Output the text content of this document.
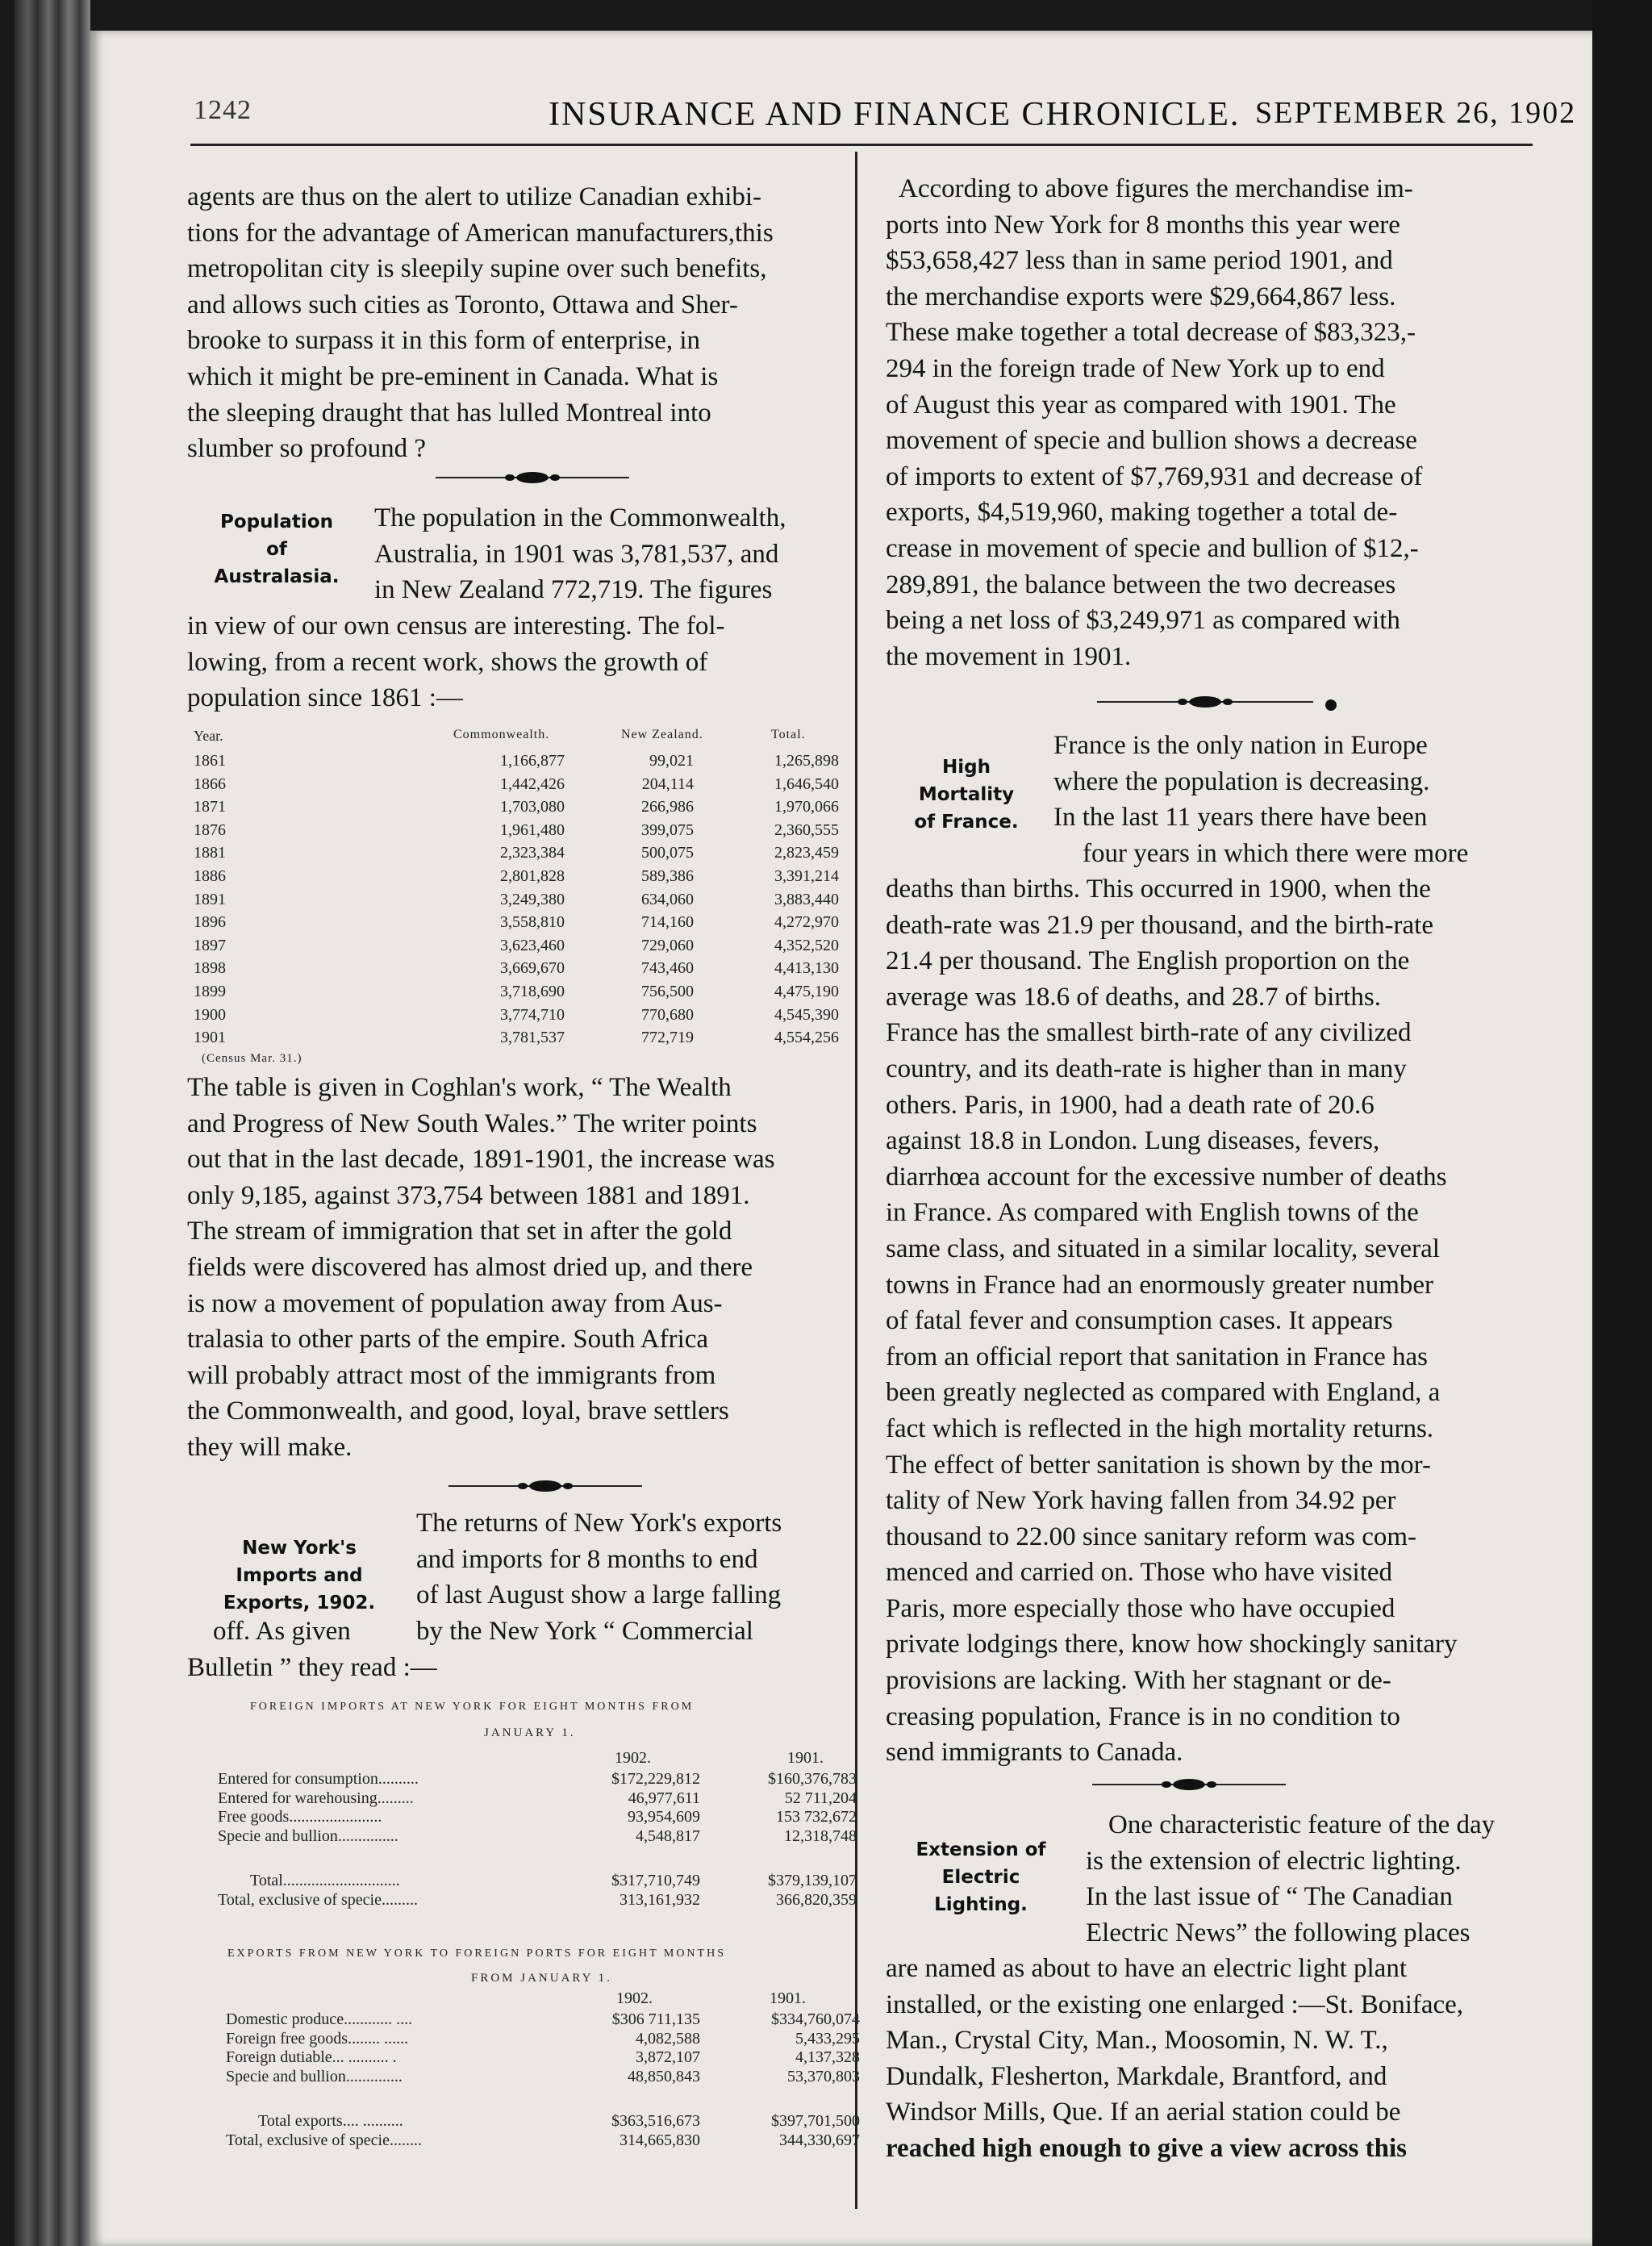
1242	INSURANCE AND FINANCE CHRONICLE. SEPTEMBER 26, 1902

agents are thus on the alert to utilize Canadian exhibi-

tions for the advantage of American manufacturers,this

metropolitan city is sleepily supine over such benefits,

and allows such cities as Toronto, Ottawa and Sher-

brooke to surpass it in this form of enterprise, in

which it might be pre-eminent in Canada. What is

the sleeping draught that has lulled Montreal into

slumber so profound ?

Population
of
Australasia.

The population in the Commonwealth,

Australia, in 1901 was 3,781,537, and

in New Zealand 772,719. The figures

in view of our own census are interesting. The fol-

lowing, from a recent work, shows the growth of

population since 1861 :—

Year.	Commonwealth.	New Zealand.	Total.
1861	1,166,877	99,021	1,265,898
1866	1,442,426	204,114	1,646,540
1871	1,703,080	266,986	1,970,066
1876	1,961,480	399,075	2,360,555
1881	2,323,384	500,075	2,823,459
1886	2,801,828	589,386	3,391,214
1891	3,249,380	634,060	3,883,440
1896	3,558,810	714,160	4,272,970
1897	3,623,460	729,060	4,352,520
1898	3,669,670	743,460	4,413,130
1899	3,718,690	756,500	4,475,190
1900	3,774,710	770,680	4,545,390
1901	3,781,537	772,719	4,554,256
(Census Mar. 31.)

The table is given in Coghlan's work, “ The Wealth

and Progress of New South Wales.” The writer points

out that in the last decade, 1891-1901, the increase was

only 9,185, against 373,754 between 1881 and 1891.

The stream of immigration that set in after the gold

fields were discovered has almost dried up, and there

is now a movement of population away from Aus-

tralasia to other parts of the empire. South Africa

will probably attract most of the immigrants from

the Commonwealth, and good, loyal, brave settlers

they will make.

New York's
Imports and
Exports, 1902.

The returns of New York's exports

and imports for 8 months to end

of last August show a large falling

off. As given	by the New York “ Commercial
Bulletin ” they read :—
FOREIGN IMPORTS AT NEW YORK FOR EIGHT MONTHS FROM
JANUARY 1.
1902.	1901.
Entered for consumption..........	$172,229,812	$160,376,783
Entered for warehousing.........	46,977,611	52 711,204
Free goods.......................	93,954,609	153 732,672
Specie and bullion...............	4,548,817	12,318,748
Total.............................	$317,710,749	$379,139,107
Total, exclusive of specie.........	313,161,932	366,820,359
EXPORTS FROM NEW YORK TO FOREIGN PORTS FOR EIGHT MONTHS
FROM JANUARY 1.
1902.	1901.
Domestic produce............ ....	$306 711,135	$334,760,074
Foreign free goods........ ......	4,082,588	5,433,295
Foreign dutiable... .......... .	3,872,107	4,137,328
Specie and bullion..............	48,850,843	53,370,803
Total exports.... ..........	$363,516,673	$397,701,500
Total, exclusive of specie........	314,665,830	344,330,697

According to above figures the merchandise im-

ports into New York for 8 months this year were

$53,658,427 less than in same period 1901, and

the merchandise exports were $29,664,867 less.

These make together a total decrease of $83,323,-

294 in the foreign trade of New York up to end

of August this year as compared with 1901. The

movement of specie and bullion shows a decrease

of imports to extent of $7,769,931 and decrease of

exports, $4,519,960, making together a total de-

crease in movement of specie and bullion of $12,-

289,891, the balance between the two decreases

being a net loss of $3,249,971 as compared with

the movement in 1901.

High
Mortality
of France.

France is the only nation in Europe

where the population is decreasing.

In the last 11 years there have been

four years in which there were more

deaths than births. This occurred in 1900, when the

death-rate was 21.9 per thousand, and the birth-rate

21.4 per thousand. The English proportion on the

average was 18.6 of deaths, and 28.7 of births.

France has the smallest birth-rate of any civilized

country, and its death-rate is higher than in many

others. Paris, in 1900, had a death rate of 20.6

against 18.8 in London. Lung diseases, fevers,

diarrhœa account for the excessive number of deaths

in France. As compared with English towns of the

same class, and situated in a similar locality, several

towns in France had an enormously greater number

of fatal fever and consumption cases. It appears

from an official report that sanitation in France has

been greatly neglected as compared with England, a

fact which is reflected in the high mortality returns.

The effect of better sanitation is shown by the mor-

tality of New York having fallen from 34.92 per

thousand to 22.00 since sanitary reform was com-

menced and carried on. Those who have visited

Paris, more especially those who have occupied

private lodgings there, know how shockingly sanitary

provisions are lacking. With her stagnant or de-

creasing population, France is in no condition to

send immigrants to Canada.

Extension of
Electric
Lighting.

One characteristic feature of the day

is the extension of electric lighting.

In the last issue of “ The Canadian

Electric News” the following places

are named as about to have an electric light plant

installed, or the existing one enlarged :—St. Boniface,

Man., Crystal City, Man., Moosomin, N. W. T.,

Dundalk, Flesherton, Markdale, Brantford, and

Windsor Mills, Que. If an aerial station could be

reached high enough to give a view across this
